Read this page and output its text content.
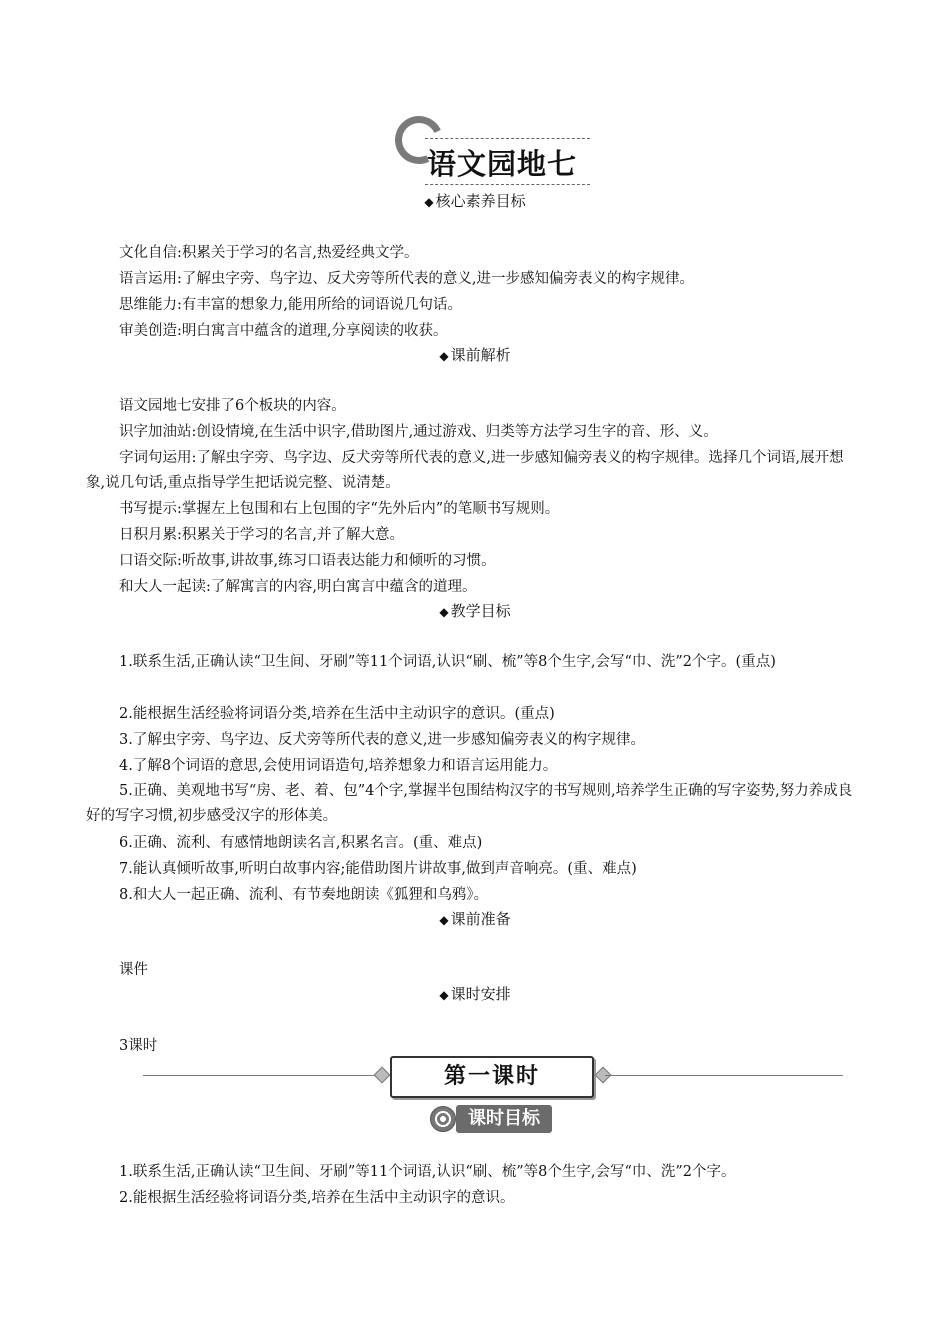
语文园地七
◆ 核心素养目标

文化自信:积累关于学习的名言,热爱经典文学。

语言运用:了解虫字旁、鸟字边、反犬旁等所代表的意义,进一步感知偏旁表义的构字规律。

思维能力:有丰富的想象力,能用所给的词语说几句话。

审美创造:明白寓言中蕴含的道理,分享阅读的收获。

◆ 课前解析

语文园地七安排了6个板块的内容。

识字加油站:创设情境,在生活中识字,借助图片,通过游戏、归类等方法学习生字的音、形、义。

字词句运用:了解虫字旁、鸟字边、反犬旁等所代表的意义,进一步感知偏旁表义的构字规律。选择几个词语,展开想象,说几句话,重点指导学生把话说完整、说清楚。

书写提示:掌握左上包围和右上包围的字“先外后内”的笔顺书写规则。

日积月累:积累关于学习的名言,并了解大意。

口语交际:听故事,讲故事,练习口语表达能力和倾听的习惯。

和大人一起读:了解寓言的内容,明白寓言中蕴含的道理。

◆ 教学目标

1.联系生活,正确认读“卫生间、牙刷”等11个词语,认识“刷、梳”等8个生字,会写“巾、洗”2个字。(重点)

2.能根据生活经验将词语分类,培养在生活中主动识字的意识。(重点)

3.了解虫字旁、鸟字边、反犬旁等所代表的意义,进一步感知偏旁表义的构字规律。

4.了解8个词语的意思,会使用词语造句,培养想象力和语言运用能力。

5.正确、美观地书写“房、老、着、包”4个字,掌握半包围结构汉字的书写规则,培养学生正确的写字姿势,努力养成良好的写字习惯,初步感受汉字的形体美。

6.正确、流利、有感情地朗读名言,积累名言。(重、难点)

7.能认真倾听故事,听明白故事内容;能借助图片讲故事,做到声音响亮。(重、难点)

8.和大人一起正确、流利、有节奏地朗读《狐狸和乌鸦》。

◆ 课前准备

课件

◆ 课时安排

3课时

第一课时
课时目标

1.联系生活,正确认读“卫生间、牙刷”等11个词语,认识“刷、梳”等8个生字,会写“巾、洗”2个字。

2.能根据生活经验将词语分类,培养在生活中主动识字的意识。
